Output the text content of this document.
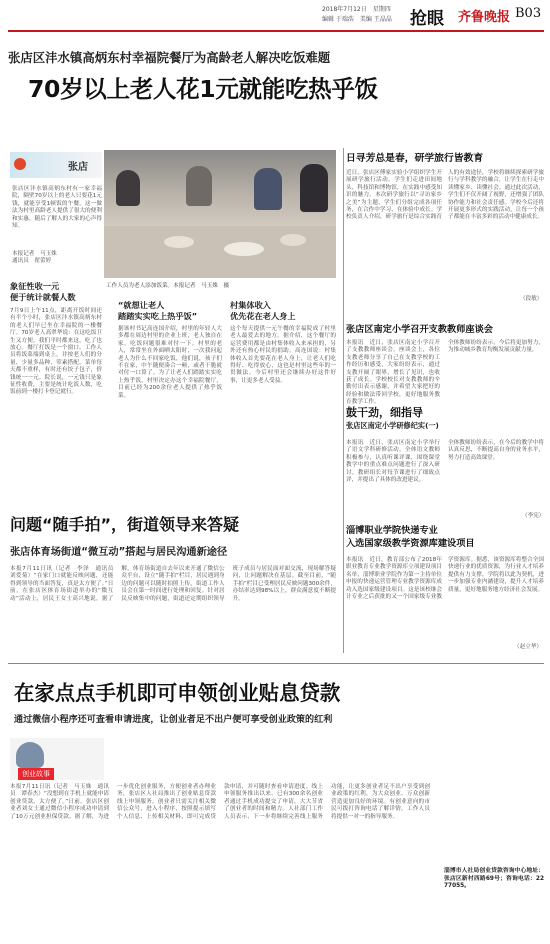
2018年7月12日　星期四
编辑 于瑞浩　美编 王晶晶 抢眼 齐鲁晚报 B03
张店区沣水镇高炳东村幸福院餐厅为高龄老人解决吃饭难题
70岁以上老人花1元就能吃热乎饭
张店
张店区沣水镇高炳东村有一家幸福院，隔壁70岁以上的老人只要花1元钱，就能享受1顿饭的午餐，这一做法为村里高龄老人提供了很大的便利和实惠。随后了解人的大家的心声得知。
本报记者　马玉姝
通讯员　翟蕾婷
工作人员为老人添加饭菜。本报记者　马玉姝　摄
象征性收一元
便于统计就餐人数
7月9日上午11点，距离开饭时间还有半个小时，张店区沣水镇高炳东村的老人们早已坐在幸福院的一楼餐厅。70岁老人高翠华说：在这吃饭卫生又方便，我们平时都来这，吃了也放心。餐厅打饭是一个窗口，工作人员将饭菜端到桌上，并按老人们的分量、少量多品种、荤素搭配，菜单每天都不重样，有时还有饺子包子，价钱统一一元。院长说，一元钱只是象征性收费，主要是统计吃饭人数，吃饭前到一楼打卡登记就行。
“就想让老人
踏踏实实吃上热乎饭”
据该村书记高连国介绍，村里的年轻人大多都在周边村里的企业上班，老人独自在家，吃饭问题很难对付一下。村里的老人，常常坐在外面晒太阳时，一次我问起老人为什么不回家吃饭，他们说，孩子们不在家，中午随便凑合一顿，或者干脆就对付一口算了。为了让老人们踏踏实实吃上热乎饭，村里决定办这个幸福院餐厅，目前已经为200余位老人提供了热乎饭菜。
村集体收入
优先花在老人身上
这个每天提供一元午餐的幸福院成了村里老人最爱去的地方。据介绍，这个餐厅的运营费用都是由村集体收入来承担的，另外还有热心村民的捐助。高连国说：村集体收入首先要花在老人身上，让老人们吃得好、吃得放心，这也是村里这些年的一贯做法。今后村里还会继续办好这件好事，让更多老人受益。
问题“随手拍”，街道领导来答疑
张店体育场街道“微互动”搭起与居民沟通新途径
本报7月11日讯（记者　李泽　通讯员　刘爱菊）“在家门口就能反映问题，还能得到领导的当面答复，真是太方便了。”日前，在张店区体育场街道举办的“微互动”活动上，居民王女士高兴地说。据了解，体育场街道自去年以来开通了微信公众平台，设立“随手拍”栏目，居民遇到身边的问题可以随时拍照上传，街道工作人员会在第一时间进行处理和回复。针对居民反映集中的问题，街道还定期组织领导班子成员与居民面对面交流，现场解答疑问，让问题解决在基层。截至目前，“随手拍”栏目已受理居民反映问题300余件，办结率达到98%以上，群众满意度不断提升。
日寻芳总是春，研学旅行皆教育
近日，张店区傅家实验小学组织学生开展研学旅行活动。学生们走进田间地头、科技馆和博物馆，在实践中感受知识的魅力。本次研学旅行以“寻访家乡之美”为主题，学生们分组完成各项任务，在合作中学习，在体验中成长。学校负责人介绍，研学旅行是综合实践育人的有效途径，学校将继续探索研学旅行与学科教学的融合，让学生在行走中读懂家乡、读懂社会。通过此次活动，学生们不仅开阔了视野，还增强了团队协作能力和社会责任感。学校今后还将开展更多形式的实践活动，让每一个孩子都能在丰富多彩的活动中健康成长。
（段敏）
张店区南定小学召开支教教师座谈会
本报讯　近日，张店区南定小学召开了支教教师座谈会。座谈会上，各位支教老师分享了自己在支教学校的工作经历和感受，大家纷纷表示，通过支教开阔了眼界，增长了见识，也收获了成长。学校校长对支教教师的辛勤付出表示感谢，并希望大家把好的经验和做法带回学校，更好地服务教育教学工作。
全体教师纷纷表示，今后将更加努力，为推动城乡教育均衡发展贡献力量。
鼓干劲，细指导
张店区南定小学研修纪实(一)
本报讯　近日，张店区南定小学举行了语文学科研修活动。全体语文教师积极参与，认真听课评课，围绕课堂教学中的重点难点问题进行了深入研讨。教研组长对每节课进行了细致点评，并提出了具体的改进建议。
全体教师纷纷表示，在今后的教学中将认真反思，不断提高自身的业务水平，努力打造高效课堂。
（李宪）
淄博职业学院快递专业
入选国家级教学资源库建设项目
本报讯　近日，教育部公布了2018年职业教育专业教学资源库立项建设项目名单，淄博职业学院作为第一主持单位申报的快递运营管理专业教学资源库成功入选国家级建设项目。这是该校继会计专业之后获批的又一个国家级专业教学资源库。据悉，该资源库将整合全国快递行业的优质资源，为行业人才培养提供有力支撑。学院将以此为契机，进一步加强专业内涵建设，提升人才培养质量，更好地服务地方经济社会发展。
（赵立华）
在家点点手机即可申领创业贴息贷款
通过微信小程序还可查看申请进度，让创业者足不出户便可享受创业政策的红利
创业故事
本报7月11日讯（记者　马玉姝　通讯员　谭春杰）“没想到在手机上就能申请创业贷款，太方便了。”日前，张店区创业者刘女士通过微信小程序成功申请到了10万元创业担保贷款。据了解，为进一步优化创业服务，方便创业者办理业务，张店区人社局推出了创业贴息贷款线上申领服务。创业者只需关注相关微信公众号，进入小程序，按照提示填写个人信息、上传相关材料，即可完成贷款申请，并可随时查看申请进度。线上申领服务推出以来，已有300余名创业者通过手机成功提交了申请，大大节省了创业者的时间和精力。人社部门工作人员表示，下一步将继续完善线上服务功能，让更多创业者足不出户享受到创业政策的红利，为大众创业、万众创新营造更加良好的环境。有创业意向的市民可拨打咨询电话了解详情，工作人员将提供一对一的指导服务。
淄博市人社局创业贷款咨询中心地址：张店区新村西路69号；咨询电话：2277055。
